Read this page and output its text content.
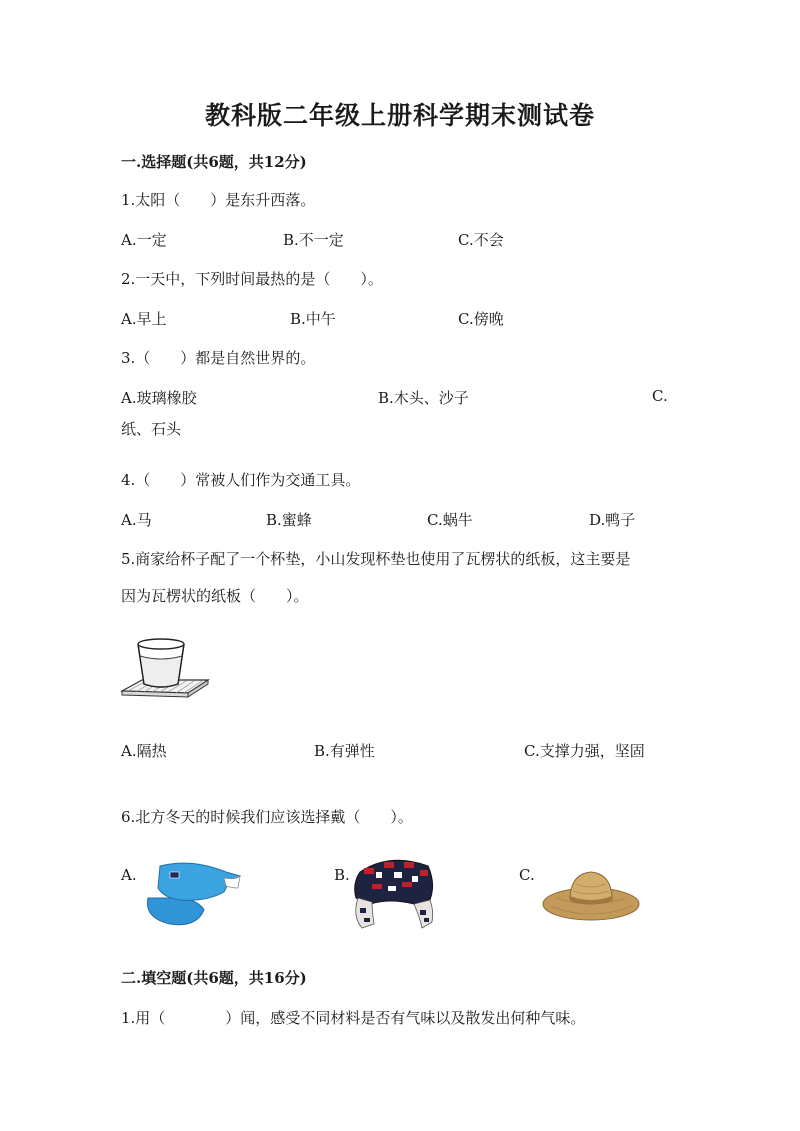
教科版二年级上册科学期末测试卷
一.选择题(共6题，共12分)
1.太阳（　　）是东升西落。
A.一定	B.不一定	C.不会
2.一天中，下列时间最热的是（　　）。
A.早上	B.中午	C.傍晚
3.（　　）都是自然世界的。
A.玻璃橡胶	B.木头、沙子	C.
纸、石头
4.（　　）常被人们作为交通工具。
A.马	B.蜜蜂	C.蜗牛	D.鸭子
5.商家给杯子配了一个杯垫，小山发现杯垫也使用了瓦楞状的纸板，这主要是
因为瓦楞状的纸板（　　）。
A.隔热	B.有弹性	C.支撑力强，坚固
6.北方冬天的时候我们应该选择戴（　　）。
A.	B.
✻
C.
二.填空题(共6题，共16分)
1.用（　　　　）闻，感受不同材料是否有气味以及散发出何种气味。
